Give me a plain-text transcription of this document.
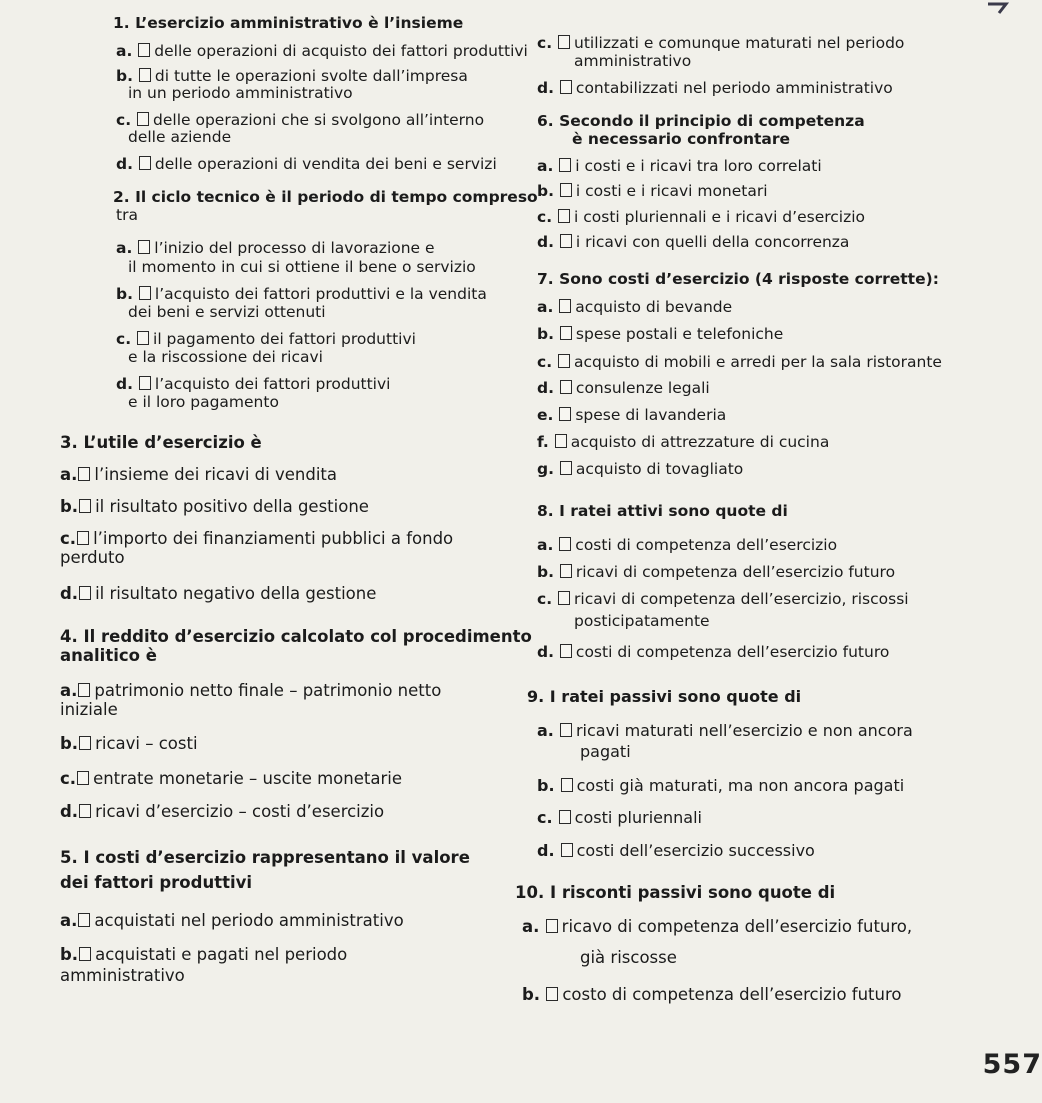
1. L’esercizio amministrativo è l’insieme
a. delle operazioni di acquisto dei fattori produttivi
b. di tutte le operazioni svolte dall’impresa
in un periodo amministrativo
c. delle operazioni che si svolgono all’interno
delle aziende
d. delle operazioni di vendita dei beni e servizi
2. Il ciclo tecnico è il periodo di tempo compreso
tra
a. l’inizio del processo di lavorazione e
il momento in cui si ottiene il bene o servizio
b. l’acquisto dei fattori produttivi e la vendita
dei beni e servizi ottenuti
c. il pagamento dei fattori produttivi
e la riscossione dei ricavi
d. l’acquisto dei fattori produttivi
e il loro pagamento
3. L’utile d’esercizio è
a. l’insieme dei ricavi di vendita
b. il risultato positivo della gestione
c. l’importo dei finanziamenti pubblici a fondo
perduto
d. il risultato negativo della gestione
4. Il reddito d’esercizio calcolato col procedimento
analitico è
a. patrimonio netto finale – patrimonio netto
iniziale
b. ricavi – costi
c. entrate monetarie – uscite monetarie
d. ricavi d’esercizio – costi d’esercizio
5. I costi d’esercizio rappresentano il valore
dei fattori produttivi
a. acquistati nel periodo amministrativo
b. acquistati e pagati nel periodo
amministrativo
c. utilizzati e comunque maturati nel periodo
amministrativo
d. contabilizzati nel periodo amministrativo
6. Secondo il principio di competenza
è necessario confrontare
a. i costi e i ricavi tra loro correlati
b. i costi e i ricavi monetari
c. i costi pluriennali e i ricavi d’esercizio
d. i ricavi con quelli della concorrenza
7. Sono costi d’esercizio (4 risposte corrette):
a. acquisto di bevande
b. spese postali e telefoniche
c. acquisto di mobili e arredi per la sala ristorante
d. consulenze legali
e. spese di lavanderia
f. acquisto di attrezzature di cucina
g. acquisto di tovagliato
8. I ratei attivi sono quote di
a. costi di competenza dell’esercizio
b. ricavi di competenza dell’esercizio futuro
c. ricavi di competenza dell’esercizio, riscossi
posticipatamente
d. costi di competenza dell’esercizio futuro
9. I ratei passivi sono quote di
a. ricavi maturati nell’esercizio e non ancora
pagati
b. costi già maturati, ma non ancora pagati
c. costi pluriennali
d. costi dell’esercizio successivo
10. I risconti passivi sono quote di
a. ricavo di competenza dell’esercizio futuro,
già riscosse
b. costo di competenza dell’esercizio futuro
557
